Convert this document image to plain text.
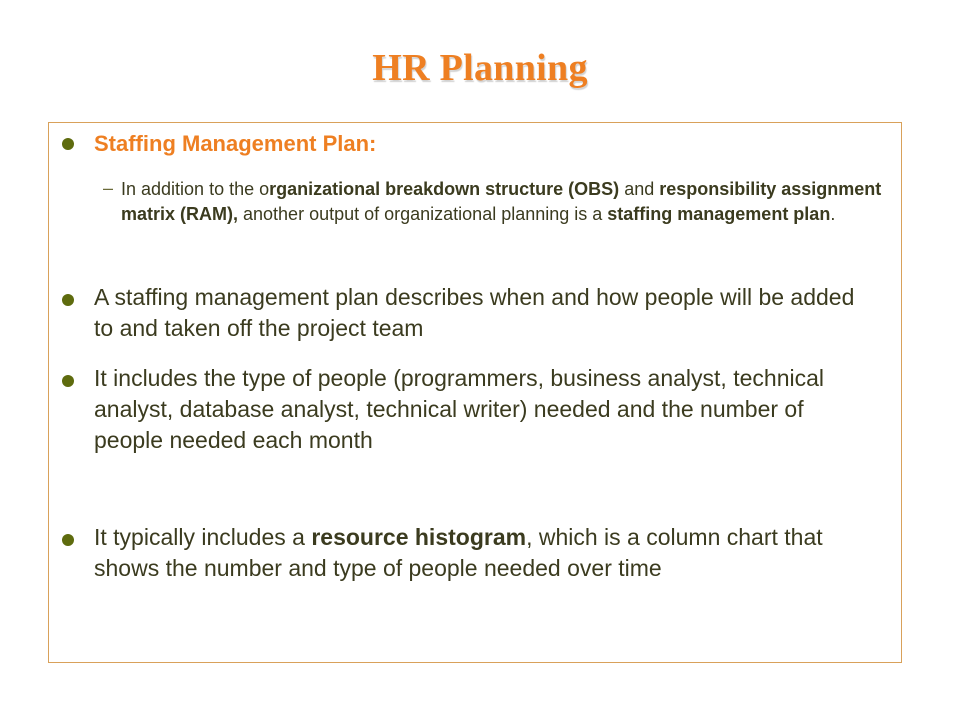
HR Planning
Staffing Management Plan:
– In addition to the organizational breakdown structure (OBS) and responsibility assignment matrix (RAM), another output of organizational planning is a staffing management plan.
A staffing management plan describes when and how people will be added to and taken off the project team
It includes the type of people (programmers, business analyst, technical analyst, database analyst, technical writer) needed and the number of people needed each month
It typically includes a resource histogram, which is a column chart that shows the number and type of people needed over time
